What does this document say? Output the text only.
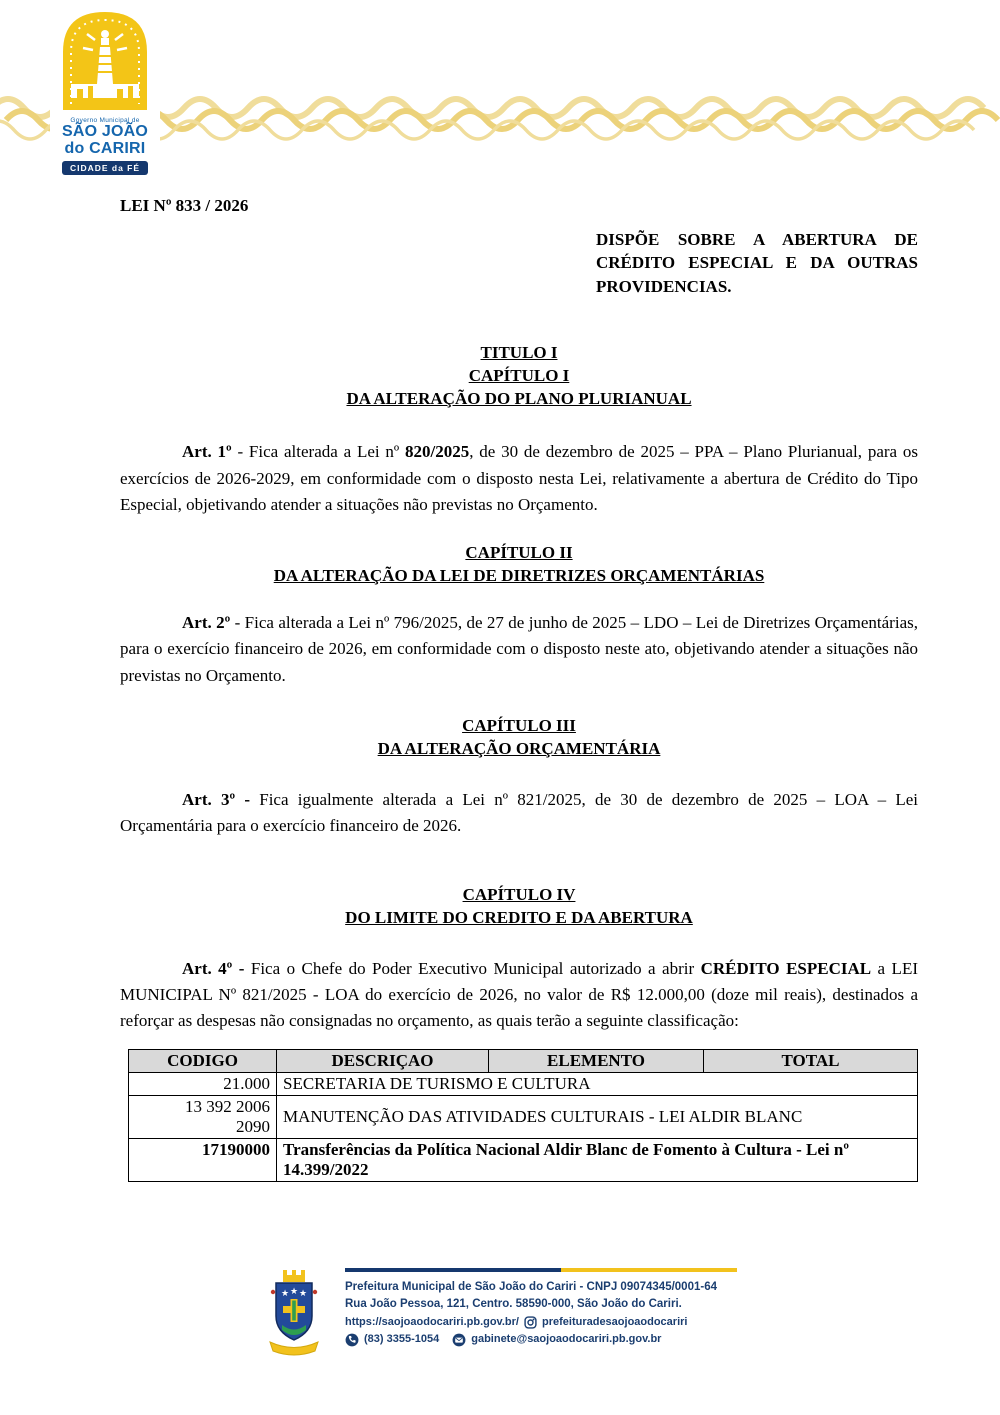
Governo Municipal de
SÃO JOÃO
do CARIRI
CIDADE da FÉ
LEI Nº 833 / 2026
DISPÕE SOBRE A ABERTURA DE CRÉDITO ESPECIAL E DA OUTRAS PROVIDENCIAS.
TITULO I
CAPÍTULO I
DA ALTERAÇÃO DO PLANO PLURIANUAL

Art. 1º - Fica alterada a Lei nº 820/2025, de 30 de dezembro de 2025 – PPA – Plano Plurianual, para os exercícios de 2026-2029, em conformidade com o disposto nesta Lei, relativamente a abertura de Crédito do Tipo Especial, objetivando atender a situações não previstas no Orçamento.

CAPÍTULO II
DA ALTERAÇÃO DA LEI DE DIRETRIZES ORÇAMENTÁRIAS

Art. 2º - Fica alterada a Lei nº 796/2025, de 27 de junho de 2025 – LDO – Lei de Diretrizes Orçamentárias, para o exercício financeiro de 2026, em conformidade com o disposto neste ato, objetivando atender a situações não previstas no Orçamento.

CAPÍTULO III
DA ALTERAÇÃO ORÇAMENTÁRIA

Art. 3º - Fica igualmente alterada a Lei nº 821/2025, de 30 de dezembro de 2025 – LOA – Lei Orçamentária para o exercício financeiro de 2026.

CAPÍTULO IV
DO LIMITE DO CREDITO E DA ABERTURA

Art. 4º - Fica o Chefe do Poder Executivo Municipal autorizado a abrir CRÉDITO ESPECIAL a LEI MUNICIPAL Nº 821/2025 - LOA do exercício de 2026, no valor de R$ 12.000,00 (doze mil reais), destinados a reforçar as despesas não consignadas no orçamento, as quais terão a seguinte classificação:

CODIGO	DESCRIÇAO	ELEMENTO	TOTAL

21.000	SECRETARIA DE TURISMO E CULTURA		

13 392 2006
2090	MANUTENÇÃO DAS ATIVIDADES CULTURAIS - LEI ALDIR BLANC		

17190000	Transferências da Política Nacional Aldir Blanc de Fomento à Cultura - Lei nº 14.399/2022		
★ ★ ★
Prefeitura Municipal de São João do Cariri - CNPJ 09074345/0001-64
Rua João Pessoa, 121, Centro. 58590-000, São João do Cariri.
https://saojoaodocariri.pb.gov.br/ prefeituradesaojoaodocariri
(83) 3355-1054	gabinete@saojoaodocariri.pb.gov.br
